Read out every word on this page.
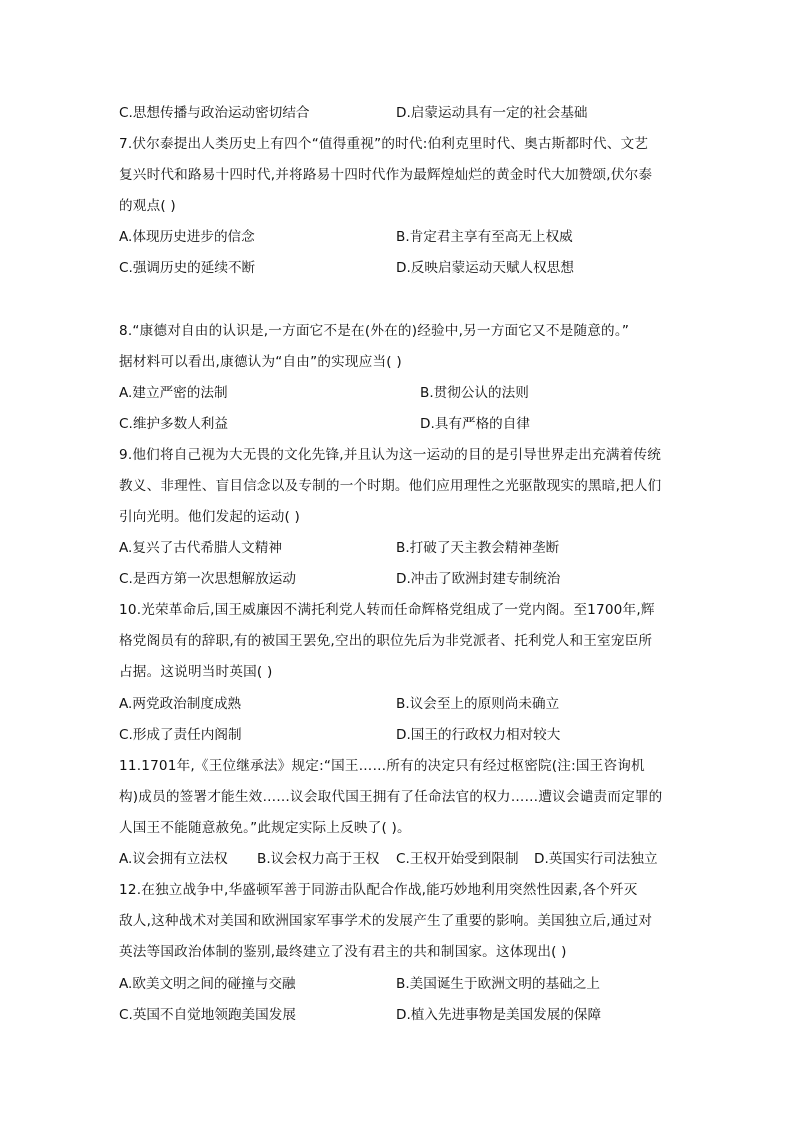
C.思想传播与政治运动密切结合	D.启蒙运动具有一定的社会基础
7.伏尔泰提出人类历史上有四个“值得重视”的时代:伯利克里时代、奥古斯都时代、文艺
复兴时代和路易十四时代,并将路易十四时代作为最辉煌灿烂的黄金时代大加赞颂,伏尔泰
的观点( )
A.体现历史进步的信念	B.肯定君主享有至高无上权威
C.强调历史的延续不断	D.反映启蒙运动天赋人权思想
8.“康德对自由的认识是,一方面它不是在(外在的)经验中,另一方面它又不是随意的。”
据材料可以看出,康德认为“自由”的实现应当( )
A.建立严密的法制	B.贯彻公认的法则
C.维护多数人利益	D.具有严格的自律
9.他们将自己视为大无畏的文化先锋,并且认为这一运动的目的是引导世界走出充满着传统
教义、非理性、盲目信念以及专制的一个时期。他们应用理性之光驱散现实的黑暗,把人们
引向光明。他们发起的运动( )
A.复兴了古代希腊人文精神	B.打破了天主教会精神垄断
C.是西方第一次思想解放运动	D.冲击了欧洲封建专制统治
10.光荣革命后,国王威廉因不满托利党人转而任命辉格党组成了一党内阁。至1700年,辉
格党阁员有的辞职,有的被国王罢免,空出的职位先后为非党派者、托利党人和王室宠臣所
占据。这说明当时英国( )
A.两党政治制度成熟	B.议会至上的原则尚未确立
C.形成了责任内阁制	D.国王的行政权力相对较大
11.1701年,《王位继承法》规定:“国王……所有的决定只有经过枢密院(注:国王咨询机
构)成员的签署才能生效……议会取代国王拥有了任命法官的权力……遭议会谴责而定罪的
人国王不能随意赦免。”此规定实际上反映了( )。
A.议会拥有立法权 B.议会权力高于王权 C.王权开始受到限制 D.英国实行司法独立
12.在独立战争中,华盛顿军善于同游击队配合作战,能巧妙地利用突然性因素,各个歼灭
敌人,这种战术对美国和欧洲国家军事学术的发展产生了重要的影响。美国独立后,通过对
英法等国政治体制的鉴别,最终建立了没有君主的共和制国家。这体现出( )
A.欧美文明之间的碰撞与交融	B.美国诞生于欧洲文明的基础之上
C.英国不自觉地领跑美国发展	D.植入先进事物是美国发展的保障
